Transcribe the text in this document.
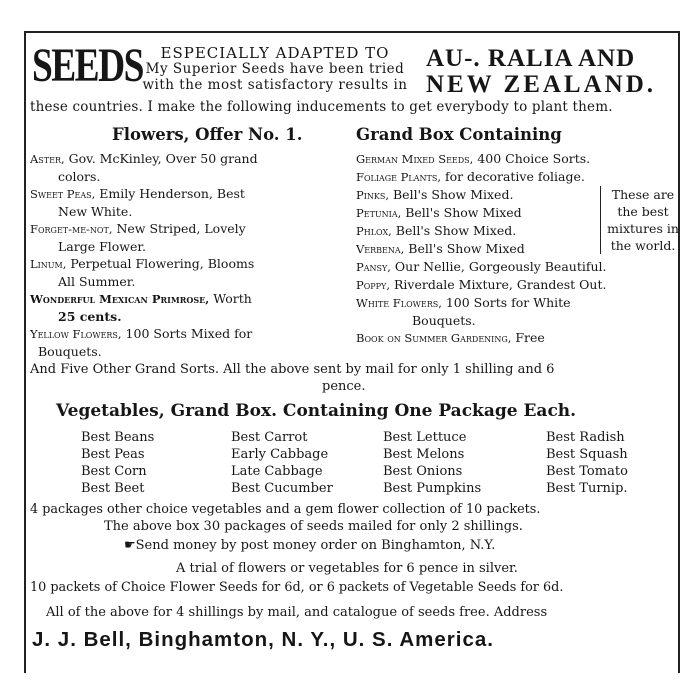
SEEDS	ESPECIALLY ADAPTED TO
My Superior Seeds have been tried
with the most satisfactory results in
AU-. RALIA AND
NEW ZEALAND.
these countries. I make the following inducements to get everybody to plant them.
Flowers, Offer No. 1.	Grand Box Containing
Aster, Gov. McKinley, Over 50 grand
colors.
Sweet Peas, Emily Henderson, Best
New White.
Forget-me-not, New Striped, Lovely
Large Flower.
Linum, Perpetual Flowering, Blooms
All Summer.
Wonderful Mexican Primrose, Worth
25 cents.
Yellow Flowers, 100 Sorts Mixed for
Bouquets.
German Mixed Seeds, 400 Choice Sorts.
Foliage Plants, for decorative foliage.
Pinks, Bell's Show Mixed.
Petunia, Bell's Show Mixed
Phlox, Bell's Show Mixed.
Verbena, Bell's Show Mixed
Pansy, Our Nellie, Gorgeously Beautiful.
Poppy, Riverdale Mixture, Grandest Out.
White Flowers, 100 Sorts for White
Bouquets.
Book on Summer Gardening, Free
These are
the best
mixtures in
the world.
And Five Other Grand Sorts. All the above sent by mail for only 1 shilling and 6
pence.
Vegetables, Grand Box. Containing One Package Each.
Best Beans
Best Peas
Best Corn
Best Beet
Best Carrot
Early Cabbage
Late Cabbage
Best Cucumber
Best Lettuce
Best Melons
Best Onions
Best Pumpkins
Best Radish
Best Squash
Best Tomato
Best Turnip.
4 packages other choice vegetables and a gem flower collection of 10 packets.
The above box 30 packages of seeds mailed for only 2 shillings.
☛Send money by post money order on Binghamton, N.Y.
A trial of flowers or vegetables for 6 pence in silver.
10 packets of Choice Flower Seeds for 6d, or 6 packets of Vegetable Seeds for 6d.
All of the above for 4 shillings by mail, and catalogue of seeds free. Address
J. J. Bell, Binghamton, N. Y., U. S. America.
